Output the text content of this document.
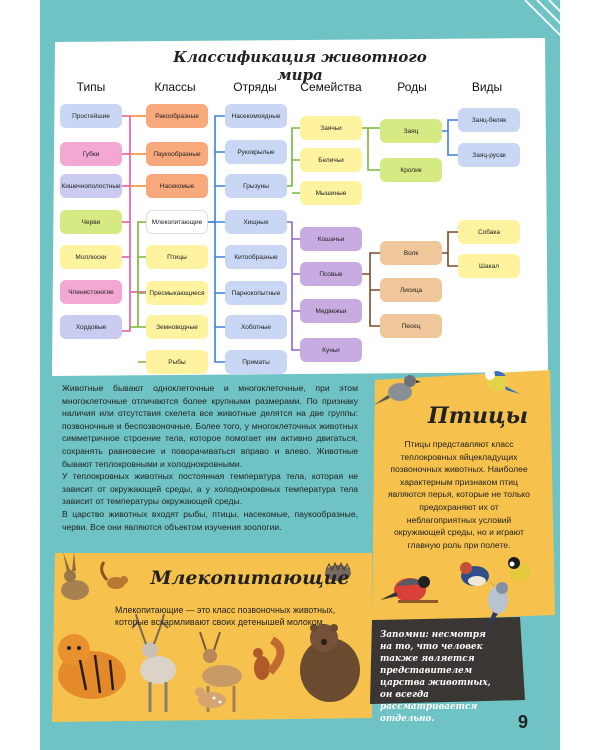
Классификация животного мира
Типы	Классы	Отряды	Семейства	Роды	Виды
Простейшие
Губки
Кишечнополостные
Черви
Моллюски
Членистоногие
Хордовые
Ракообразные
Паукообразные
Насекомые
Млекопитающие
Птицы
Пресмыкающиеся
Земноводные
Рыбы
Насекомоядные
Рукокрылые
Грызуны
Хищные
Китообразные
Парнокопытные
Хоботные
Приматы
Заячьи
Беличьи
Мышиные
Кошачьи
Псовые
Медвежьи
Куньи
Заяц
Кролик
Волк
Лисица
Песец
Заяц-беляк
Заяц-русак
Собака
Шакал

Животные бывают одноклеточные и многоклеточные, при этом многоклеточные отличаются более крупными размерами. По признаку наличия или отсутствия скелета все животные делятся на две группы: позвоночные и беспозвоночные. Более того, у многоклеточных животных симметричное строение тела, которое помогает им активно двигаться, сохранять равновесие и поворачиваться вправо и влево. Животные бывают теплокровными и холоднокровными.

У теплокровных животных постоянная температура тела, которая не зависит от окружающей среды, а у холоднокровных температура тела зависит от температуры окружающей среды.

В царство животных входят рыбы, птицы, насекомые, паукообразные, черви. Все они являются объектом изучения зоологии.

Птицы
Птицы представляют класс теплокровных яйцекладущих позвоночных животных. Наиболее характерным признаком птиц являются перья, которые не только предохраняют их от неблагоприятных условий окружающей среды, но и играют главную роль при полете.
Млекопитающие
Млекопитающие — это класс позвоночных животных, которые вскармливают своих детенышей молоком.
Запомни: несмотря на то, что человек также является представителем царства животных, он всегда рассматривается отдельно.	9
